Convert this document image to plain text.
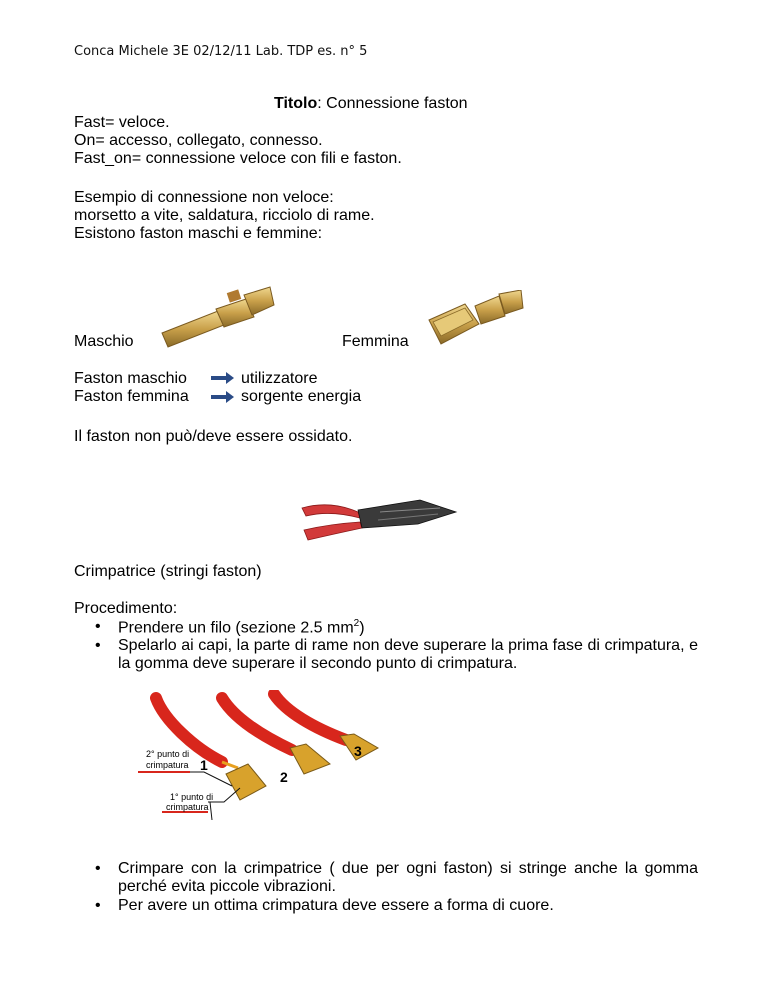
Conca Michele 3E 02/12/11 Lab. TDP es. n° 5
Titolo: Connessione faston
Fast= veloce.
On= accesso, collegato, connesso.
Fast_on= connessione veloce con fili e faston.
Esempio di connessione non veloce:
morsetto a vite, saldatura, ricciolo di rame.
Esistono faston maschi e femmine:
Maschio	Femmina
Faston maschio	utilizzatore
Faston femmina	sorgente energia
Il faston non può/deve essere ossidato.
Crimpatrice (stringi faston)
Procedimento:
• Prendere un filo (sezione 2.5 $mm^2$)
• Spelarlo ai capi, la parte di rame non deve superare la prima fase di crimpatura, e la gomma deve superare il secondo punto di crimpatura.
2° punto di
crimpatura
1° punto di
crimpatura
1
2
3
• Crimpare con la crimpatrice ( due per ogni faston) si stringe anche la gomma perché evita piccole vibrazioni.
• Per avere un ottima crimpatura deve essere a forma di cuore.
